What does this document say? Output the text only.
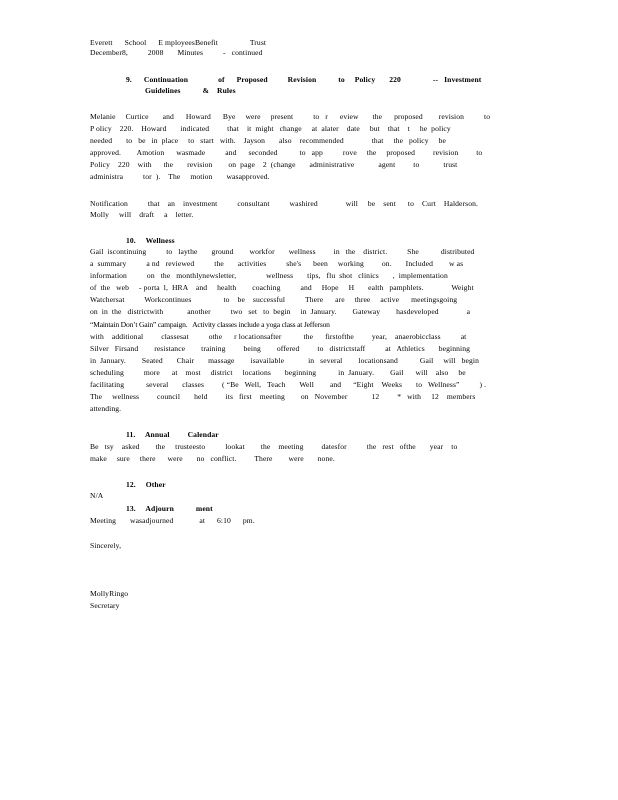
Everett      School      E mployeesBenefit                Trust
December8,          2008       Minutes          -   continued
9.      Continuation               of      Proposed          Revision           to     Policy       220                --   Investment
Guidelines           &    Rules
Melanie     Curtice       and      Howard      Bye     were     present          to   r      eview       the      proposed        revision          to
P olicy    220.    Howard       indicated         that    it  might   change     at  alater    date     but    that    t     he  policy
needed       to   be   in  place     to   start   with.    Jayson       also    recommended              that     the   policy     be
approved.        Amotion      wasmade          and      seconded           to   app          rove     the     proposed         revision         to
Policy    220    with      the       revision        on  page    2  (change       administrative            agent         to            trust
administra          tor  ).    The     motion       wasapproved.
Notification          that    an    investment          consultant          washired              will     be    sent      to    Curt    Halderson.
Molly     will    draft     a    letter.
10.     Wellness
Gail  iscontinuing          to   laythe       ground        workfor       wellness         in   the    district.          She           distributed
a  summary          a nd   reviewed          the       activities          she's      been     working         on.       Included        w as
information          on   the   monthlynewsletter,               wellness       tips,   flu  shot   clinics       ,  implementation
of  the   web     - porta  l,  HRA    and     health        coaching          and     Hope     H       ealth   pamphlets.              Weight
Watchersat          Workcontinues                to    be    successful          There      are     three     active      meetingsgoing
on  in  the   districtwith            another          two   set   to  begin     in  January.        Gateway        hasdeveloped              a
“Maintain Don’t Gain” campaign.   Activity classes include a yoga class at Jefferson
with    additional         classesat          othe      r locationsafter           the      firstofthe         year,    anaerobicclass          at
Silver   Firsand        resistance        training         being        offered         to   districtstaff          at   Athletics       beginning
in  January.        Seated       Chair       massage        isavailable            in   several        locationsand           Gail     will   begin
scheduling          more      at    most     district     locations       beginning           in  January.        Gail      will    also     be
facilitating           several       classes         ( “Be   Well,   Teach       Well        and      “Eight    Weeks       to   Wellness”          ) .
The     wellness         council       held         its   first    meeting        on   November            12         *   with     12    members
attending.
11.     Annual         Calendar
Be   tsy    asked        the     trusteesto          lookat        the    meeting         datesfor          the   rest   ofthe       year    to
make     sure     there      were       no   conflict.         There        were       none.
12.     Other
N/A
13.     Adjourn           ment
Meeting       wasadjourned             at      6:10      pm.
Sincerely,
MollyRingo
Secretary
